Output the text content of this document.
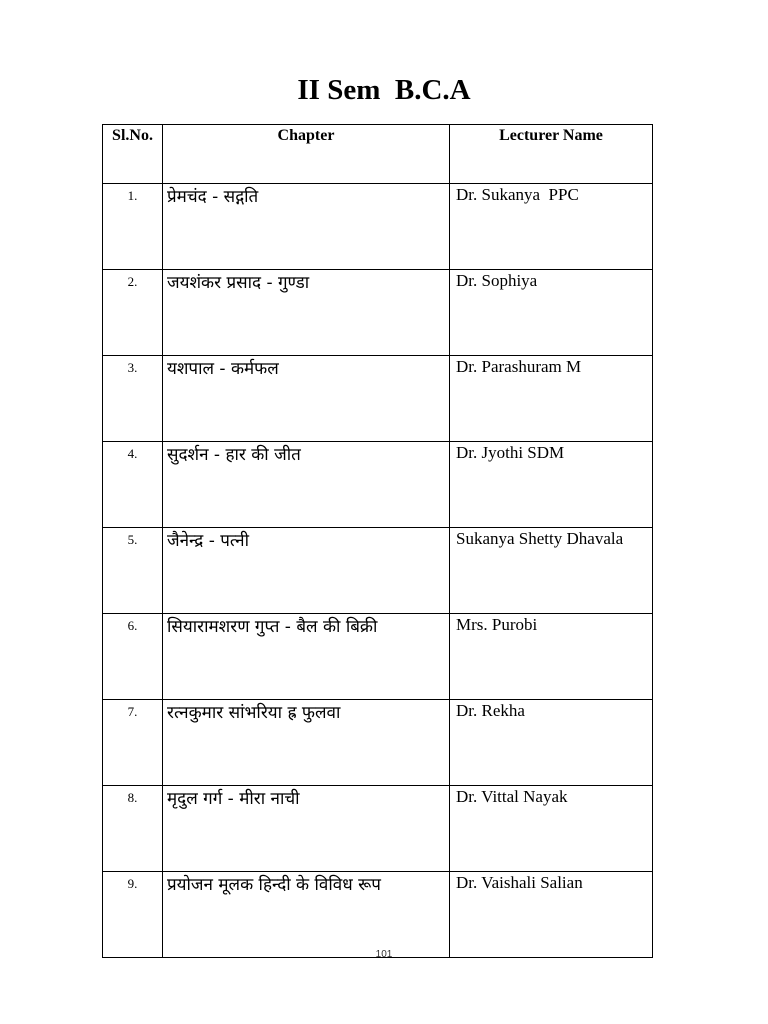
II Sem  B.C.A
Sl.No.	Chapter	Lecturer Name
1.	प्रेमचंद - सद्गति	Dr. Sukanya  PPC
2.	जयशंकर प्रसाद - गुण्डा	Dr. Sophiya
3.	यशपाल - कर्मफल	Dr. Parashuram M
4.	सुदर्शन - हार की जीत	Dr. Jyothi SDM
5.	जैनेन्द्र - पत्नी	Sukanya Shetty Dhavala
6.	सियारामशरण गुप्त - बैल की बिक्री	Mrs. Purobi
7.	रत्नकुमार सांभरिया ह्र फुलवा	Dr. Rekha
8.	मृदुल गर्ग - मीरा नाची	Dr. Vittal Nayak
9.	प्रयोजन मूलक हिन्दी के विविध रूप	Dr. Vaishali Salian
101
